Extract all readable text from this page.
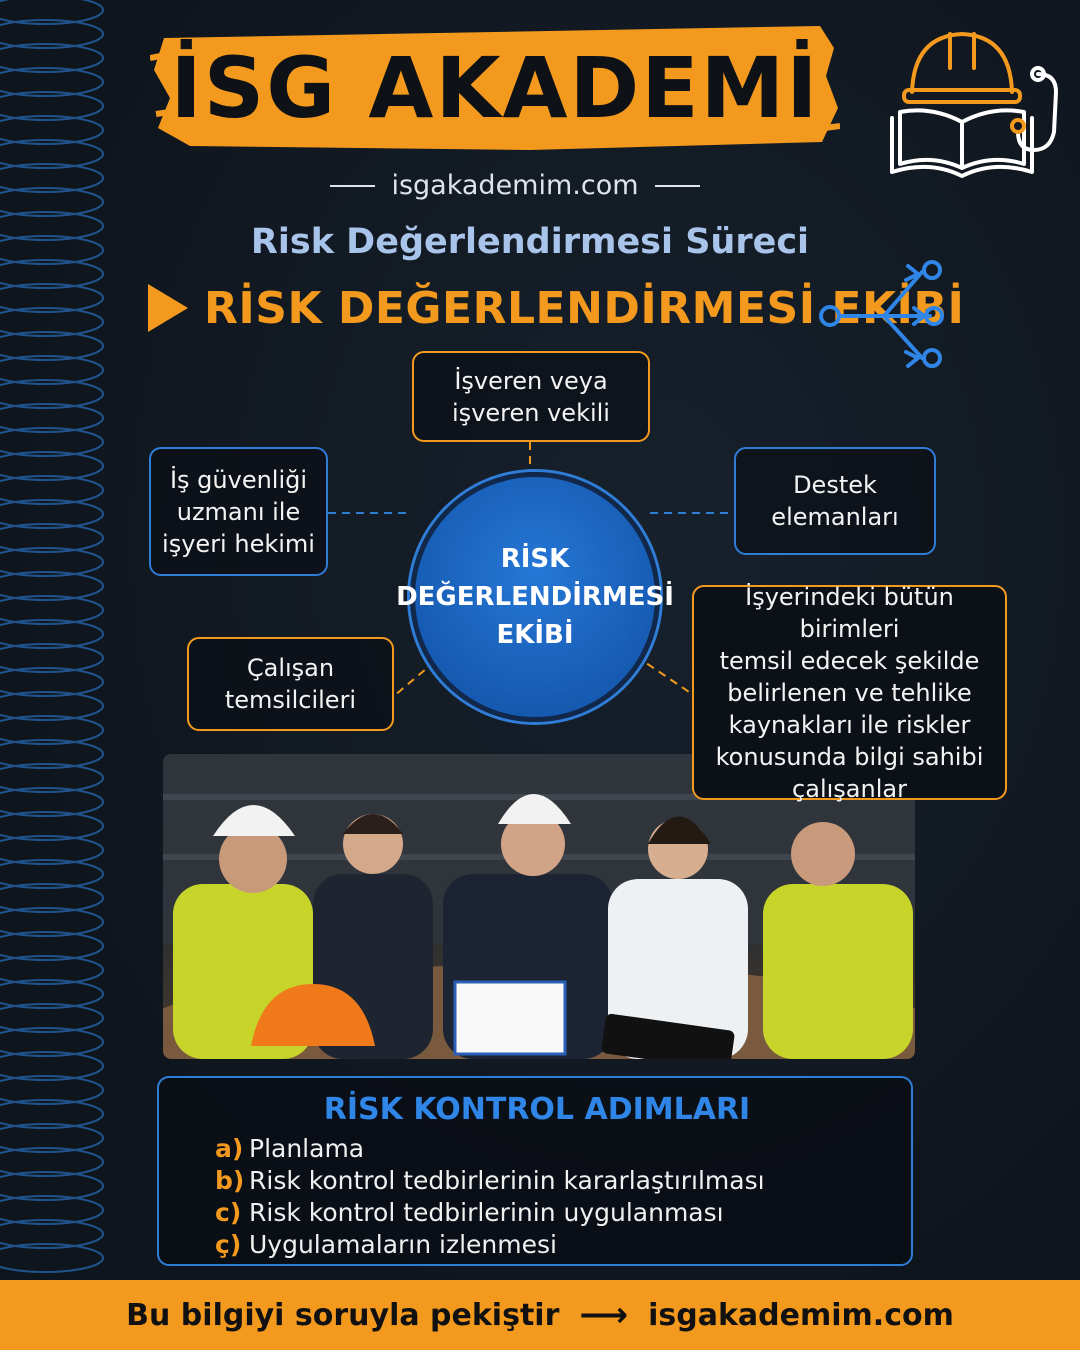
İSG AKADEMİ
isgakademim.com
Risk Değerlendirmesi Süreci
RİSK DEĞERLENDİRMESİ EKİBİ
İşveren veya
işveren vekili
İş güvenliği
uzmanı ile
işyeri hekimi
Destek
elemanları
RİSK
DEĞERLENDİRMESİ
EKİBİ
Çalışan
temsilcileri
İşyerindeki bütün birimleri
temsil edecek şekilde
belirlenen ve tehlike
kaynakları ile riskler
konusunda bilgi sahibi
çalışanlar
RİSK KONTROL ADIMLARI
a) Planlama
b) Risk kontrol tedbirlerinin kararlaştırılması
c) Risk kontrol tedbirlerinin uygulanması
ç) Uygulamaların izlenmesi
Bu bilgiyi soruyla pekiştir ⟶ isgakademim.com
